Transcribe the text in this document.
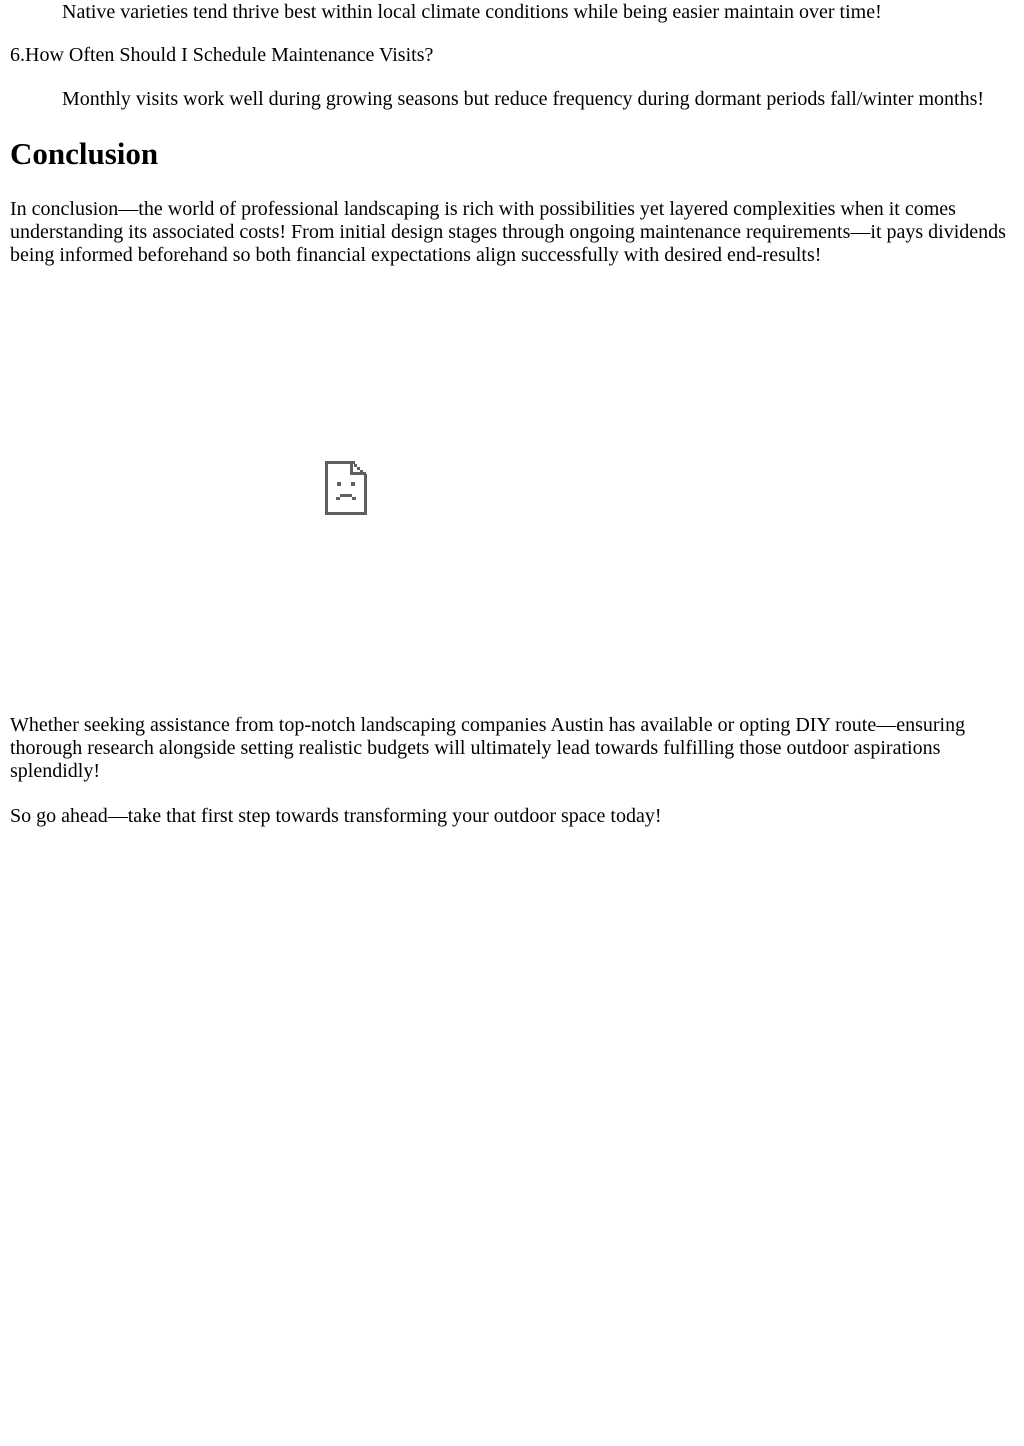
Native varieties tend thrive best within local climate conditions while being easier maintain over time!

6.How Often Should I Schedule Maintenance Visits?

Monthly visits work well during growing seasons but reduce frequency during dormant periods fall/winter months!

Conclusion

In conclusion—the world of professional landscaping is rich with possibilities yet layered complexities when it comes understanding its associated costs! From initial design stages through ongoing maintenance requirements—it pays dividends being informed beforehand so both financial expectations align successfully with desired end-results!

Whether seeking assistance from top-notch landscaping companies Austin has available or opting DIY route—ensuring thorough research alongside setting realistic budgets will ultimately lead towards fulfilling those outdoor aspirations splendidly!

So go ahead—take that first step towards transforming your outdoor space today!
